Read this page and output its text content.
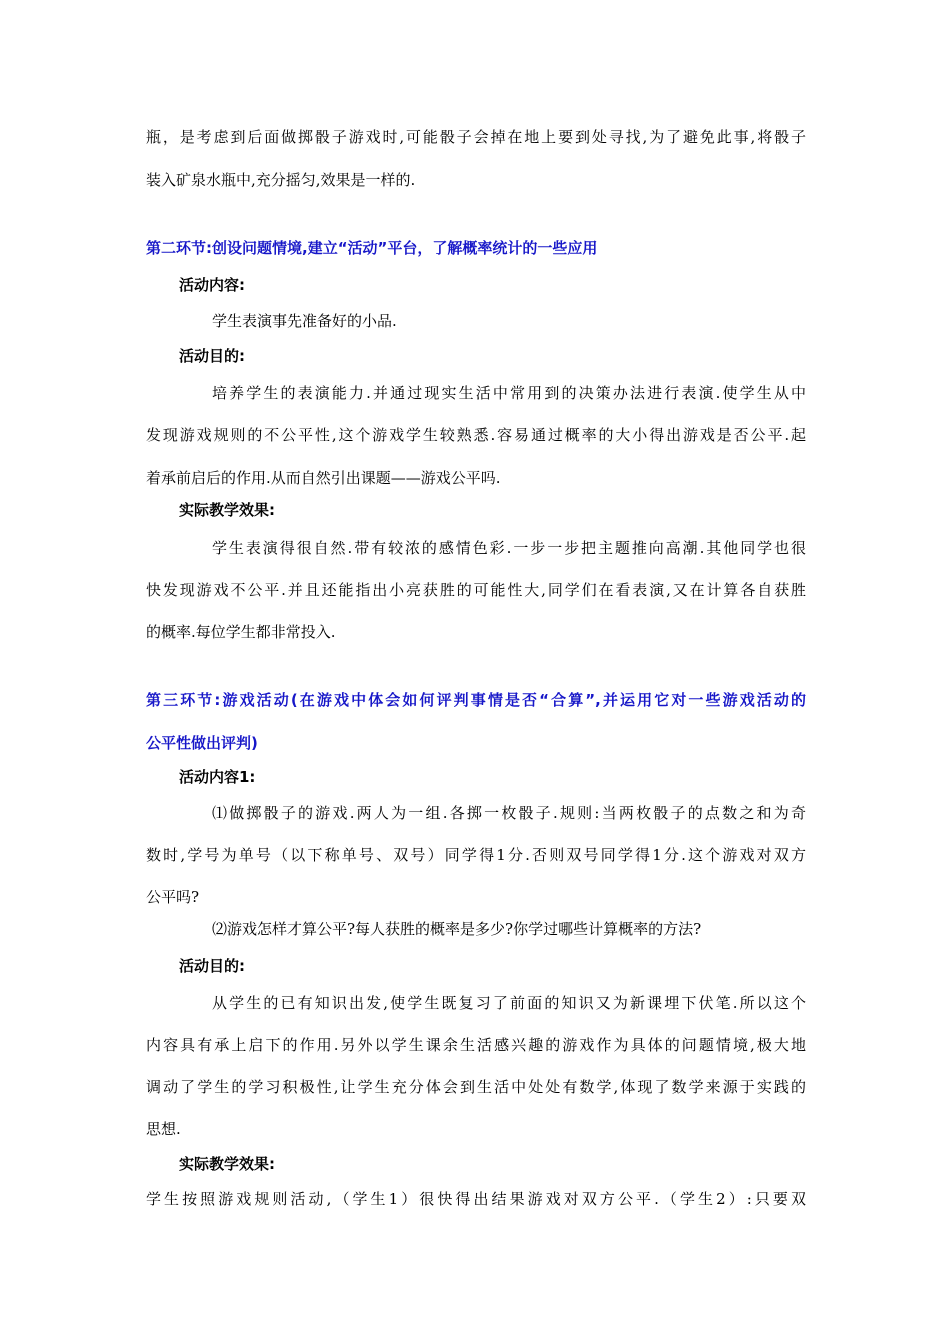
瓶，是考虑到后面做掷骰子游戏时,可能骰子会掉在地上要到处寻找,为了避免此事,将骰子
装入矿泉水瓶中,充分摇匀,效果是一样的.
第二环节:创设问题情境,建立“活动”平台，了解概率统计的一些应用
活动内容:
学生表演事先准备好的小品.
活动目的:
培养学生的表演能力.并通过现实生活中常用到的决策办法进行表演.使学生从中
发现游戏规则的不公平性,这个游戏学生较熟悉.容易通过概率的大小得出游戏是否公平.起
着承前启后的作用.从而自然引出课题——游戏公平吗.
实际教学效果:
学生表演得很自然.带有较浓的感情色彩.一步一步把主题推向高潮.其他同学也很
快发现游戏不公平.并且还能指出小亮获胜的可能性大,同学们在看表演,又在计算各自获胜
的概率.每位学生都非常投入.
第三环节:游戏活动(在游戏中体会如何评判事情是否“合算”,并运用它对一些游戏活动的
公平性做出评判)
活动内容1:
⑴做掷骰子的游戏.两人为一组.各掷一枚骰子.规则:当两枚骰子的点数之和为奇
数时,学号为单号（以下称单号、双号）同学得1分.否则双号同学得1分.这个游戏对双方
公平吗?
⑵游戏怎样才算公平?每人获胜的概率是多少?你学过哪些计算概率的方法?
活动目的:
从学生的已有知识出发,使学生既复习了前面的知识又为新课埋下伏笔.所以这个
内容具有承上启下的作用.另外以学生课余生活感兴趣的游戏作为具体的问题情境,极大地
调动了学生的学习积极性,让学生充分体会到生活中处处有数学,体现了数学来源于实践的
思想.
实际教学效果:
学生按照游戏规则活动,（学生1）很快得出结果游戏对双方公平.（学生2）:只要双
